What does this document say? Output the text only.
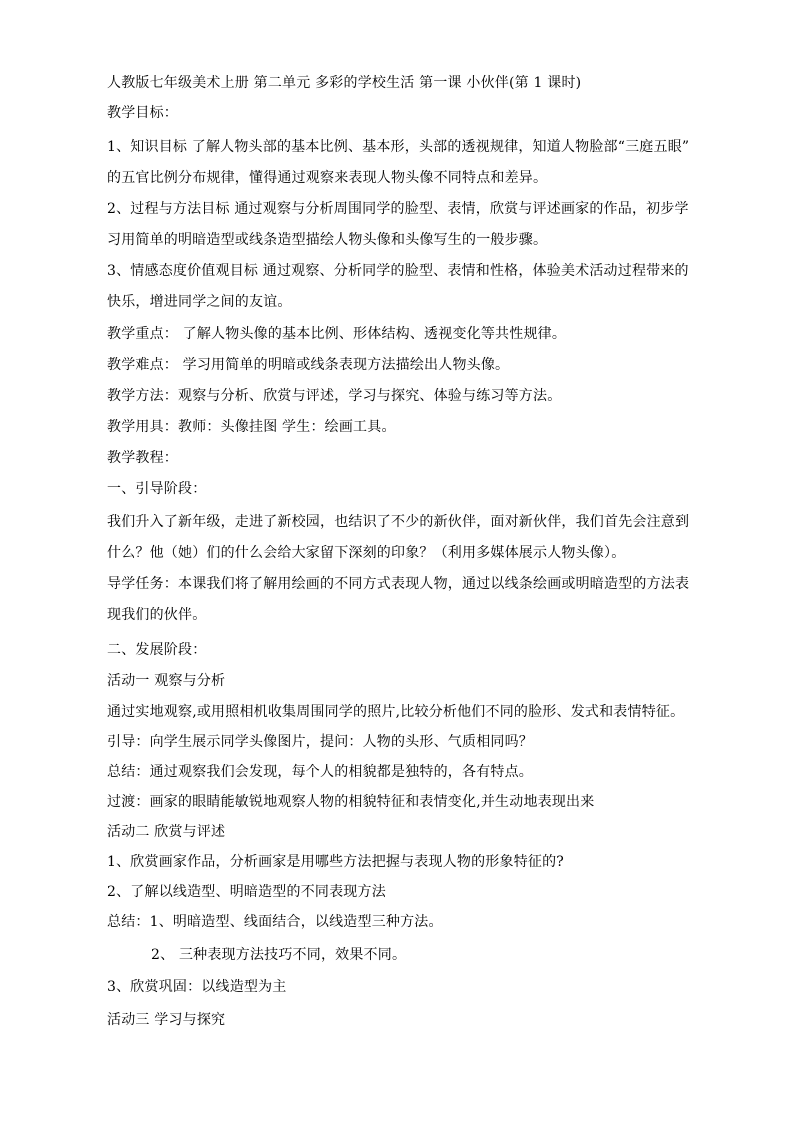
人教版七年级美术上册 第二单元 多彩的学校生活 第一课 小伙伴(第 1 课时)

教学目标：

1、知识目标 了解人物头部的基本比例、基本形，头部的透视规律，知道人物脸部“三庭五眼”

的五官比例分布规律，懂得通过观察来表现人物头像不同特点和差异。

2、过程与方法目标 通过观察与分析周围同学的脸型、表情，欣赏与评述画家的作品，初步学

习用简单的明暗造型或线条造型描绘人物头像和头像写生的一般步骤。

3、情感态度价值观目标 通过观察、分析同学的脸型、表情和性格，体验美术活动过程带来的

快乐，增进同学之间的友谊。

教学重点： 了解人物头像的基本比例、形体结构、透视变化等共性规律。

教学难点： 学习用简单的明暗或线条表现方法描绘出人物头像。

教学方法：观察与分析、欣赏与评述，学习与探究、体验与练习等方法。

教学用具：教师：头像挂图 学生：绘画工具。

教学教程：

一、引导阶段：

我们升入了新年级，走进了新校园，也结识了不少的新伙伴，面对新伙伴，我们首先会注意到

什么？他（她）们的什么会给大家留下深刻的印象？（利用多媒体展示人物头像）。

导学任务：本课我们将了解用绘画的不同方式表现人物，通过以线条绘画或明暗造型的方法表

现我们的伙伴。

二、发展阶段：

活动一 观察与分析

通过实地观察,或用照相机收集周围同学的照片,比较分析他们不同的脸形、发式和表情特征。

引导：向学生展示同学头像图片，提问：人物的头形、气质相同吗？

总结：通过观察我们会发现，每个人的相貌都是独特的，各有特点。

过渡：画家的眼睛能敏锐地观察人物的相貌特征和表情变化,并生动地表现出来

活动二 欣赏与评述

1、欣赏画家作品，分析画家是用哪些方法把握与表现人物的形象特征的?

2、了解以线造型、明暗造型的不同表现方法

总结：1、明暗造型、线面结合，以线造型三种方法。

2、 三种表现方法技巧不同，效果不同。

3、欣赏巩固：以线造型为主

活动三 学习与探究
